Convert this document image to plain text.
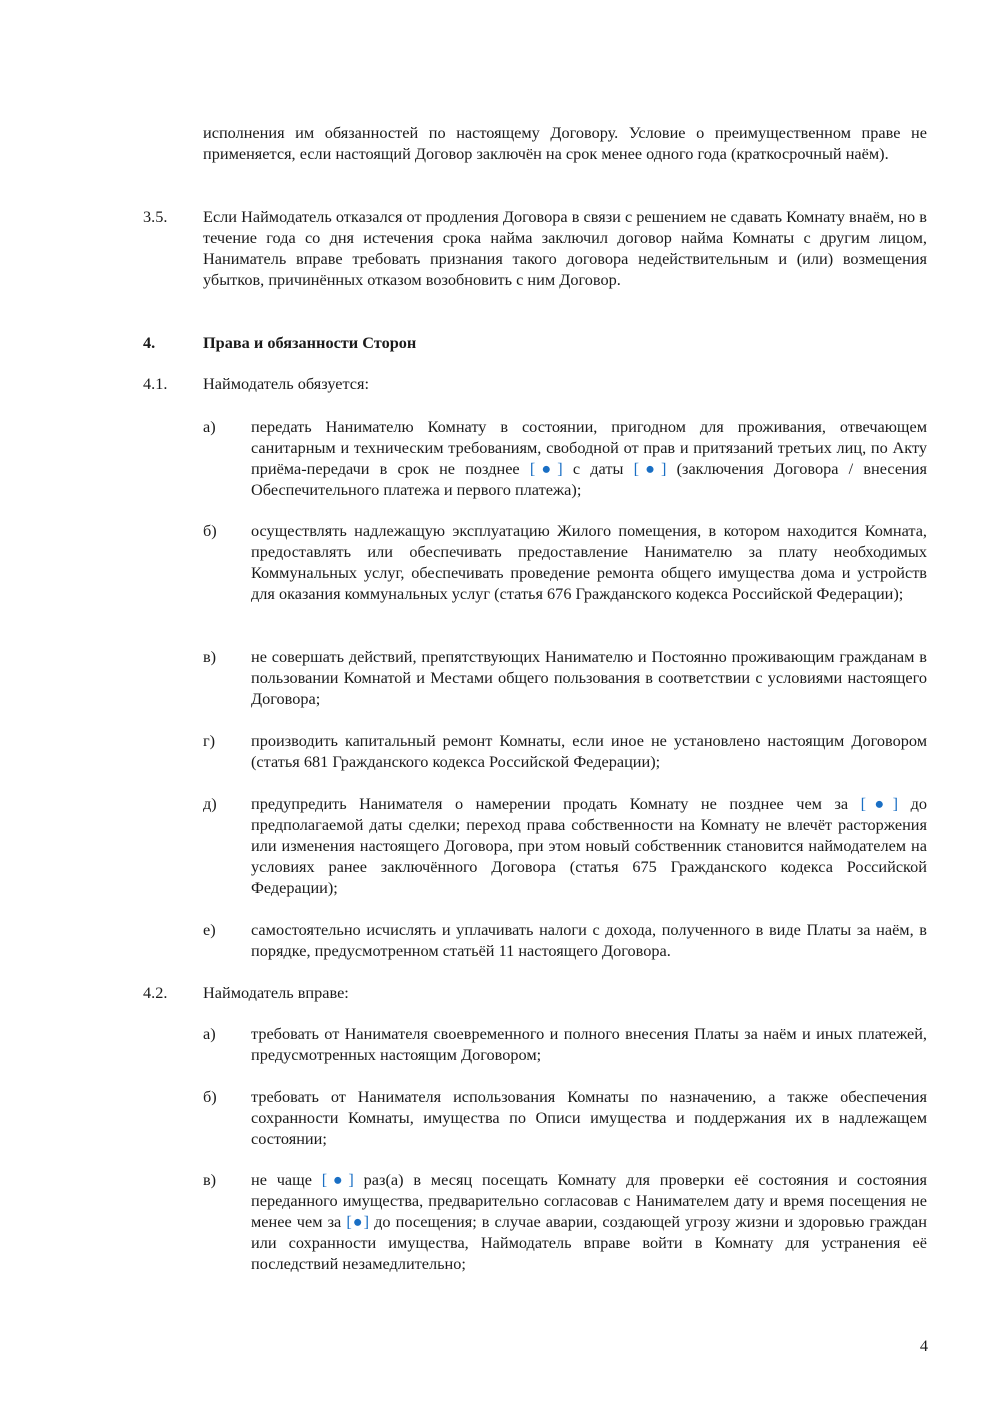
исполнения им обязанностей по настоящему Договору. Условие о преимущественном праве не применяется, если настоящий Договор заключён на срок менее одного года (краткосрочный наём).
3.5. Если Наймодатель отказался от продления Договора в связи с решением не сдавать Комнату внаём, но в течение года со дня истечения срока найма заключил договор найма Комнаты с другим лицом, Наниматель вправе требовать признания такого договора недействительным и (или) возмещения убытков, причинённых отказом возобновить с ним Договор.
4.	Права и обязанности Сторон
4.1. Наймодатель обязуется:
а) передать Нанимателю Комнату в состоянии, пригодном для проживания, отвечающем санитарным и техническим требованиям, свободной от прав и притязаний третьих лиц, по Акту приёма-передачи в срок не позднее [●] с даты [●] (заключения Договора / внесения Обеспечительного платежа и первого платежа);
б) осуществлять надлежащую эксплуатацию Жилого помещения, в котором находится Комната, предоставлять или обеспечивать предоставление Нанимателю за плату необходимых Коммунальных услуг, обеспечивать проведение ремонта общего имущества дома и устройств для оказания коммунальных услуг (статья 676 Гражданского кодекса Российской Федерации);
в) не совершать действий, препятствующих Нанимателю и Постоянно проживающим гражданам в пользовании Комнатой и Местами общего пользования в соответствии с условиями настоящего Договора;
г) производить капитальный ремонт Комнаты, если иное не установлено настоящим Договором (статья 681 Гражданского кодекса Российской Федерации);
д) предупредить Нанимателя о намерении продать Комнату не позднее чем за [●] до предполагаемой даты сделки; переход права собственности на Комнату не влечёт расторжения или изменения настоящего Договора, при этом новый собственник становится наймодателем на условиях ранее заключённого Договора (статья 675 Гражданского кодекса Российской Федерации);
е) самостоятельно исчислять и уплачивать налоги с дохода, полученного в виде Платы за наём, в порядке, предусмотренном статьёй 11 настоящего Договора.
4.2. Наймодатель вправе:
а) требовать от Нанимателя своевременного и полного внесения Платы за наём и иных платежей, предусмотренных настоящим Договором;
б) требовать от Нанимателя использования Комнаты по назначению, а также обеспечения сохранности Комнаты, имущества по Описи имущества и поддержания их в надлежащем состоянии;
в) не чаще [●] раз(а) в месяц посещать Комнату для проверки её состояния и состояния переданного имущества, предварительно согласовав с Нанимателем дату и время посещения не менее чем за [●] до посещения; в случае аварии, создающей угрозу жизни и здоровью граждан или сохранности имущества, Наймодатель вправе войти в Комнату для устранения её последствий незамедлительно;
4
